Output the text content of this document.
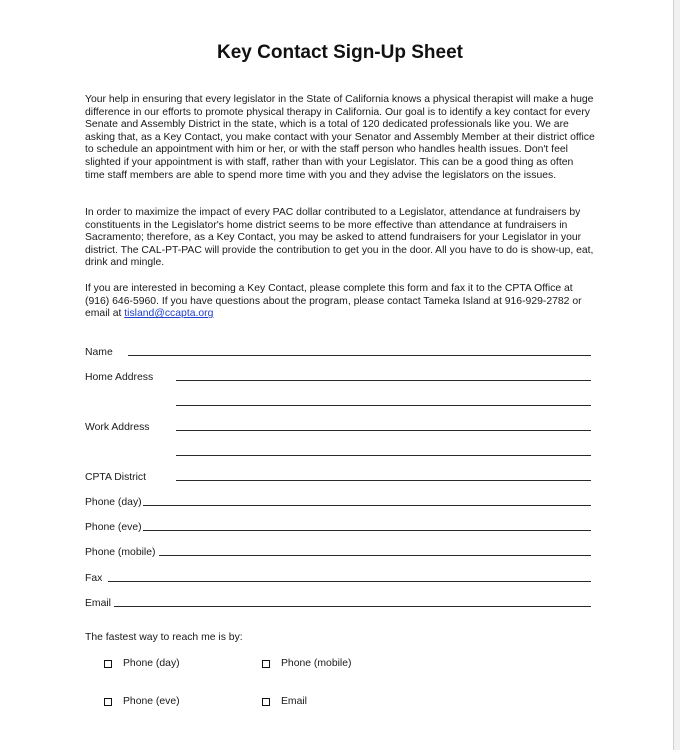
Key Contact Sign-Up Sheet
Your help in ensuring that every legislator in the State of California knows a physical therapist will make a huge difference in our efforts to promote physical therapy in California. Our goal is to identify a key contact for every Senate and Assembly District in the state, which is a total of 120 dedicated professionals like you. We are asking that, as a Key Contact, you make contact with your Senator and Assembly Member at their district office to schedule an appointment with him or her, or with the staff person who handles health issues. Don't feel slighted if your appointment is with staff, rather than with your Legislator. This can be a good thing as often time staff members are able to spend more time with you and they advise the legislators on the issues.
In order to maximize the impact of every PAC dollar contributed to a Legislator, attendance at fundraisers by constituents in the Legislator's home district seems to be more effective than attendance at fundraisers in Sacramento; therefore, as a Key Contact, you may be asked to attend fundraisers for your Legislator in your district. The CAL-PT-PAC will provide the contribution to get you in the door. All you have to do is show-up, eat, drink and mingle.
If you are interested in becoming a Key Contact, please complete this form and fax it to the CPTA Office at (916) 646-5960. If you have questions about the program, please contact Tameka Island at 916-929-2782 or email at tisland@ccapta.org
Name
Home Address
Work Address
CPTA District
Phone (day)
Phone (eve)
Phone (mobile)
Fax
Email
The fastest way to reach me is by:
Phone (day)	Phone (mobile)
Phone (eve)	Email
